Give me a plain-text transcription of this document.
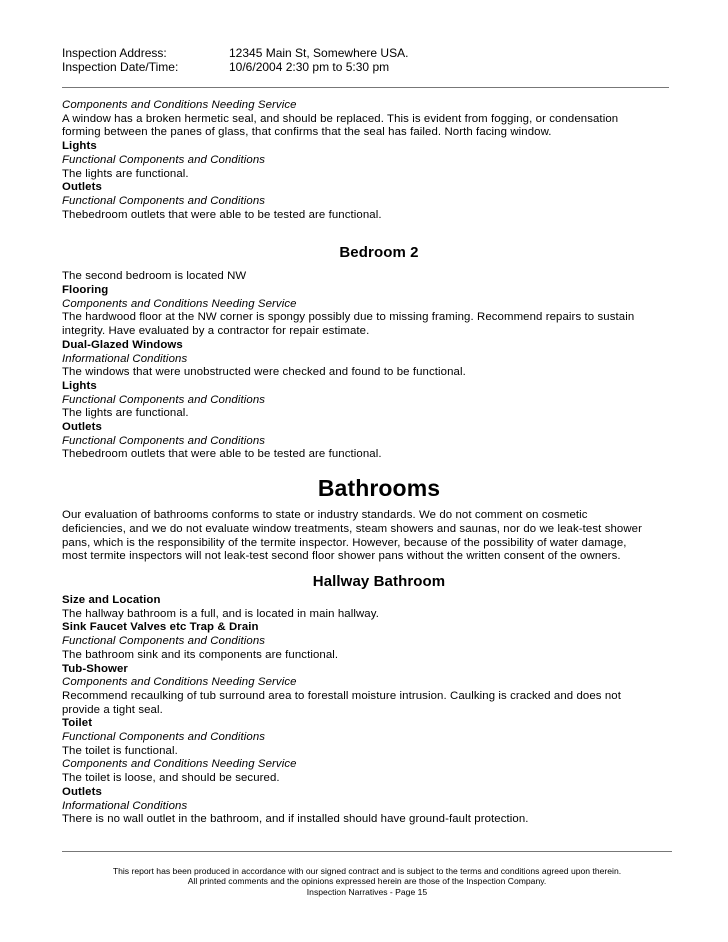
Inspection Address:	12345 Main St, Somewhere USA.
Inspection Date/Time:	10/6/2004 2:30 pm to 5:30 pm
Components and Conditions Needing Service
A window has a broken hermetic seal, and should be replaced. This is evident from fogging, or condensation
forming between the panes of glass, that confirms that the seal has failed. North facing window.
Lights
Functional Components and Conditions
The lights are functional.
Outlets
Functional Components and Conditions
Thebedroom outlets that were able to be tested are functional.
Bedroom 2
The second bedroom is located NW
Flooring
Components and Conditions Needing Service
The hardwood floor at the NW corner is spongy possibly due to missing framing. Recommend repairs to sustain
integrity. Have evaluated by a contractor for repair estimate.
Dual-Glazed Windows
Informational Conditions
The windows that were unobstructed were checked and found to be functional.
Lights
Functional Components and Conditions
The lights are functional.
Outlets
Functional Components and Conditions
Thebedroom outlets that were able to be tested are functional.
Bathrooms
Our evaluation of bathrooms conforms to state or industry standards. We do not comment on cosmetic
deficiencies, and we do not evaluate window treatments, steam showers and saunas, nor do we leak-test shower
pans, which is the responsibility of the termite inspector. However, because of the possibility of water damage,
most termite inspectors will not leak-test second floor shower pans without the written consent of the owners.
Hallway Bathroom
Size and Location
The hallway bathroom is a full, and is located in main hallway.
Sink Faucet Valves etc Trap & Drain
Functional Components and Conditions
The bathroom sink and its components are functional.
Tub-Shower
Components and Conditions Needing Service
Recommend recaulking of tub surround area to forestall moisture intrusion. Caulking is cracked and does not
provide a tight seal.
Toilet
Functional Components and Conditions
The toilet is functional.
Components and Conditions Needing Service
The toilet is loose, and should be secured.
Outlets
Informational Conditions
There is no wall outlet in the bathroom, and if installed should have ground-fault protection.
This report has been produced in accordance with our signed contract and is subject to the terms and conditions agreed upon therein.
All printed comments and the opinions expressed herein are those of the Inspection Company.
Inspection Narratives - Page 15
